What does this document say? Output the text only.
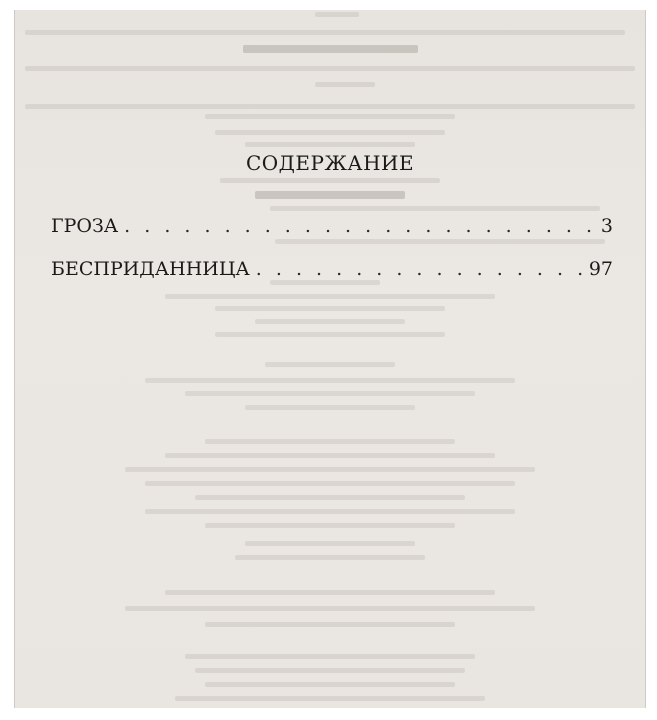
СОДЕРЖАНИЕ
ГРОЗА . . .	3
БЕСПРИДАННИЦА . . .	97
